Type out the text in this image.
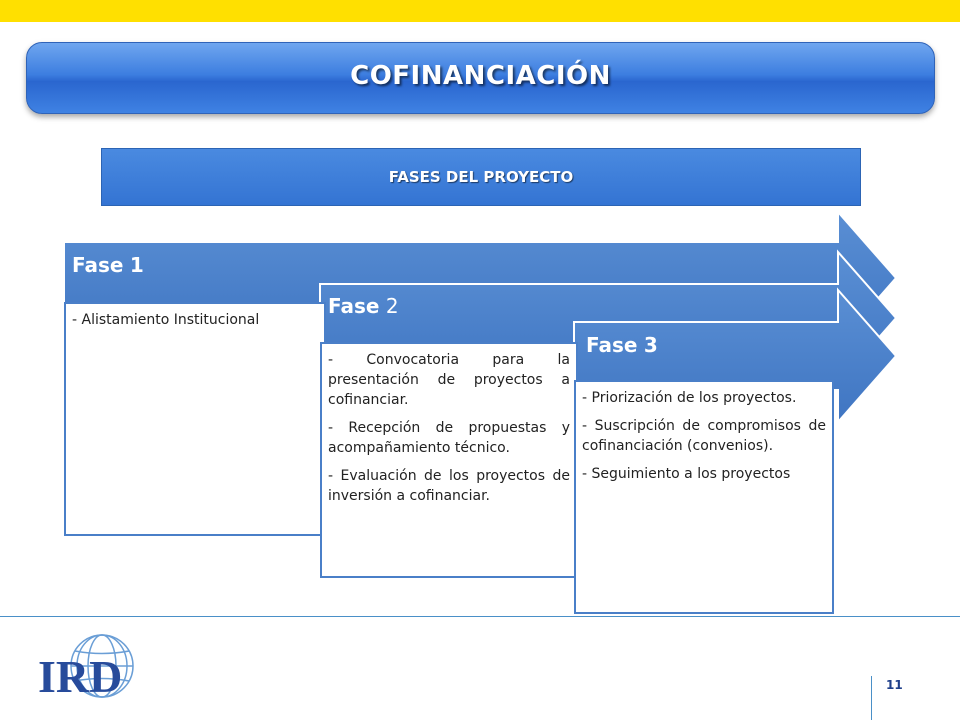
COFINANCIACIÓN
FASES DEL PROYECTO

- Alistamiento Institucional

Fase 1

- Convocatoria para la presentación de proyectos a cofinanciar.

- Recepción de propuestas y acompañamiento técnico.

- Evaluación de los proyectos de inversión a cofinanciar.

Fase 2

- Priorización de los proyectos.

- Suscripción de compromisos de cofinanciación (convenios).

- Seguimiento a los proyectos

Fase 3
11
IRD
